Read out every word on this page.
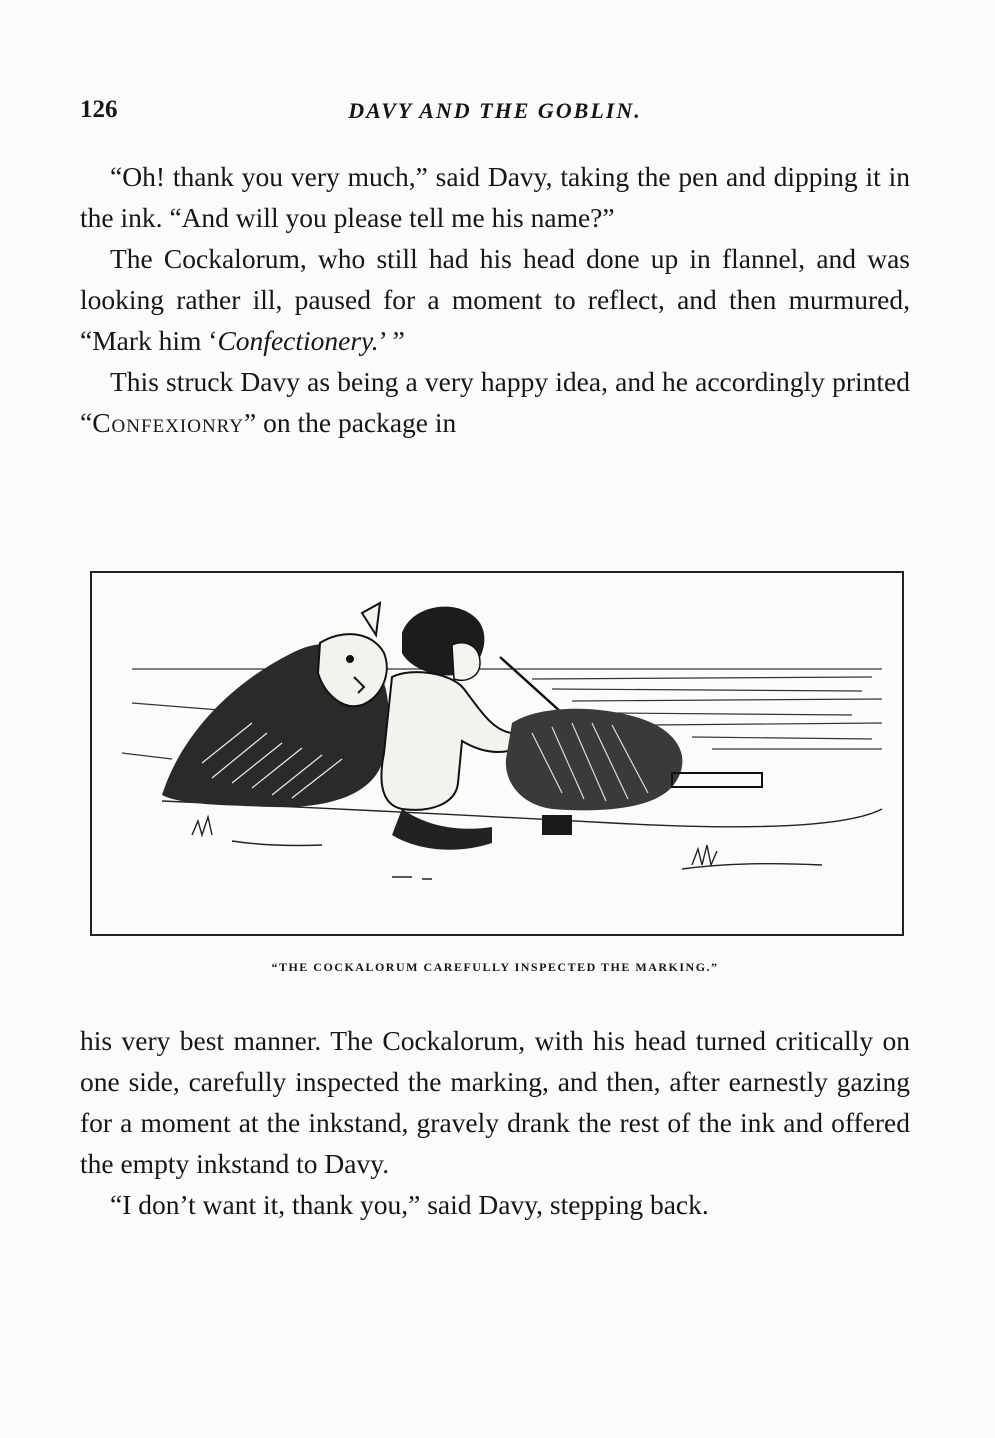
126	DAVY AND THE GOBLIN.

“Oh! thank you very much,” said Davy, taking the pen and dipping it in the ink. “And will you please tell me his name?”

The Cockalorum, who still had his head done up in flannel, and was looking rather ill, paused for a moment to reflect, and then murmured, “Mark him ‘Confectionery.’ ”

This struck Davy as being a very happy idea, and he accordingly printed “Confexionry” on the package in

“THE COCKALORUM CAREFULLY INSPECTED THE MARKING.”

his very best manner. The Cockalorum, with his head turned critically on one side, carefully inspected the marking, and then, after earnestly gazing for a moment at the inkstand, gravely drank the rest of the ink and offered the empty inkstand to Davy.

“I don’t want it, thank you,” said Davy, stepping back.
